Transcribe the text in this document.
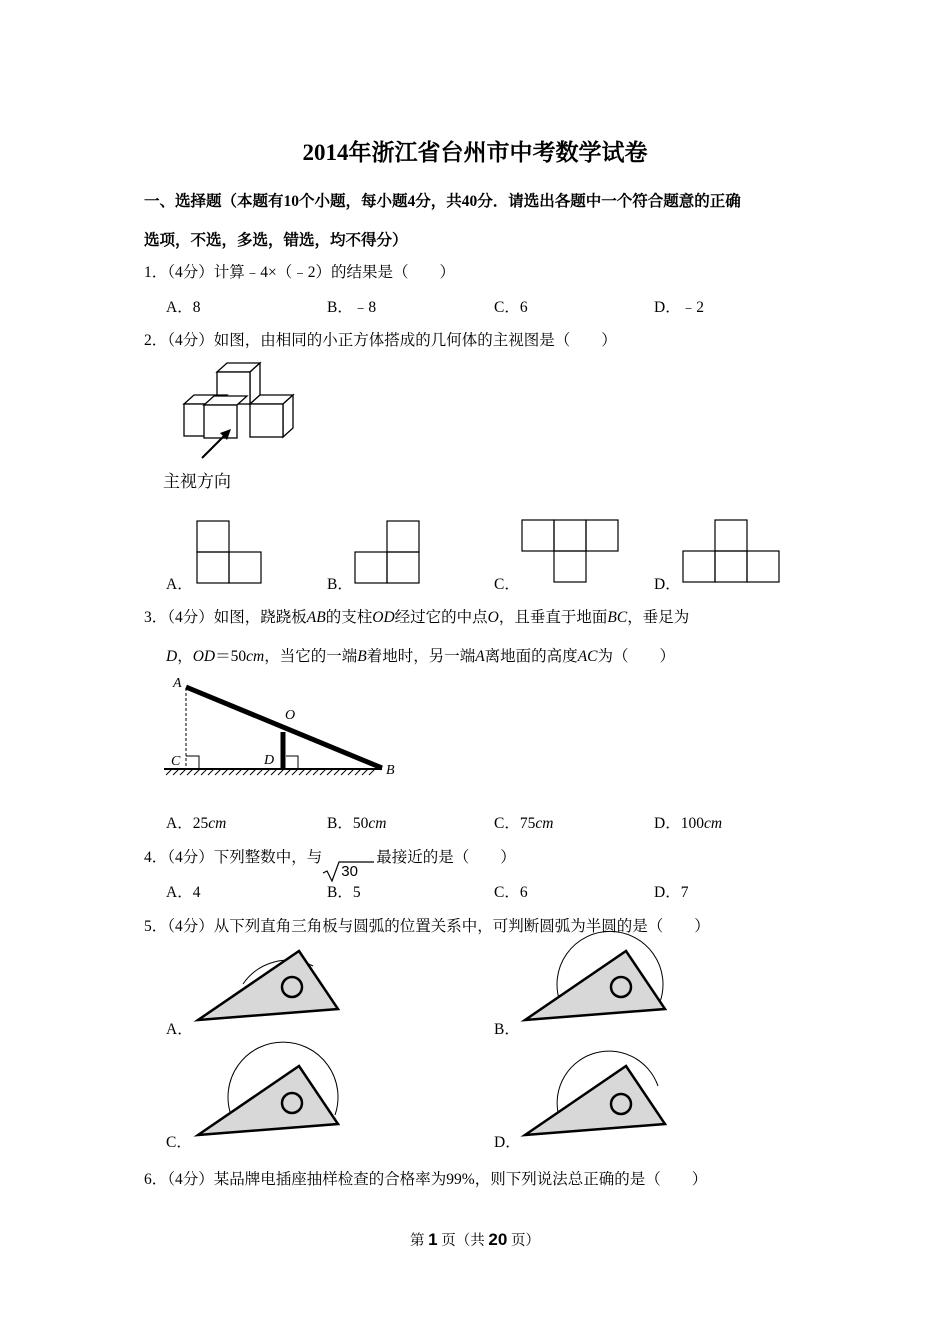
2014年浙江省台州市中考数学试卷
一、选择题（本题有10个小题，每小题4分，共40分．请选出各题中一个符合题意的正确
选项，不选，多选，错选，均不得分）
1．（4分）计算﹣4×（﹣2）的结果是（　　）
A．8	B．﹣8	C．6	D．﹣2
2．（4分）如图，由相同的小正方体搭成的几何体的主视图是（　　）
主视方向
A．	B．	C．	D．
3．（4分）如图，跷跷板AB的支柱OD经过它的中点O，且垂直于地面BC，垂足为
D，OD＝50cm，当它的一端B着地时，另一端A离地面的高度AC为（　　）
A
O
C	D
B
A．25cm	B．50cm	C．75cm	D．100cm
4．（4分）下列整数中，与
30
最接近的是（　　）
A．4	B．5	C．6	D．7
5．（4分）从下列直角三角板与圆弧的位置关系中，可判断圆弧为半圆的是（　　）
A．	B．
C．	D．
6．（4分）某品牌电插座抽样检查的合格率为99%，则下列说法总正确的是（　　）
第 1 页（共 20 页）
